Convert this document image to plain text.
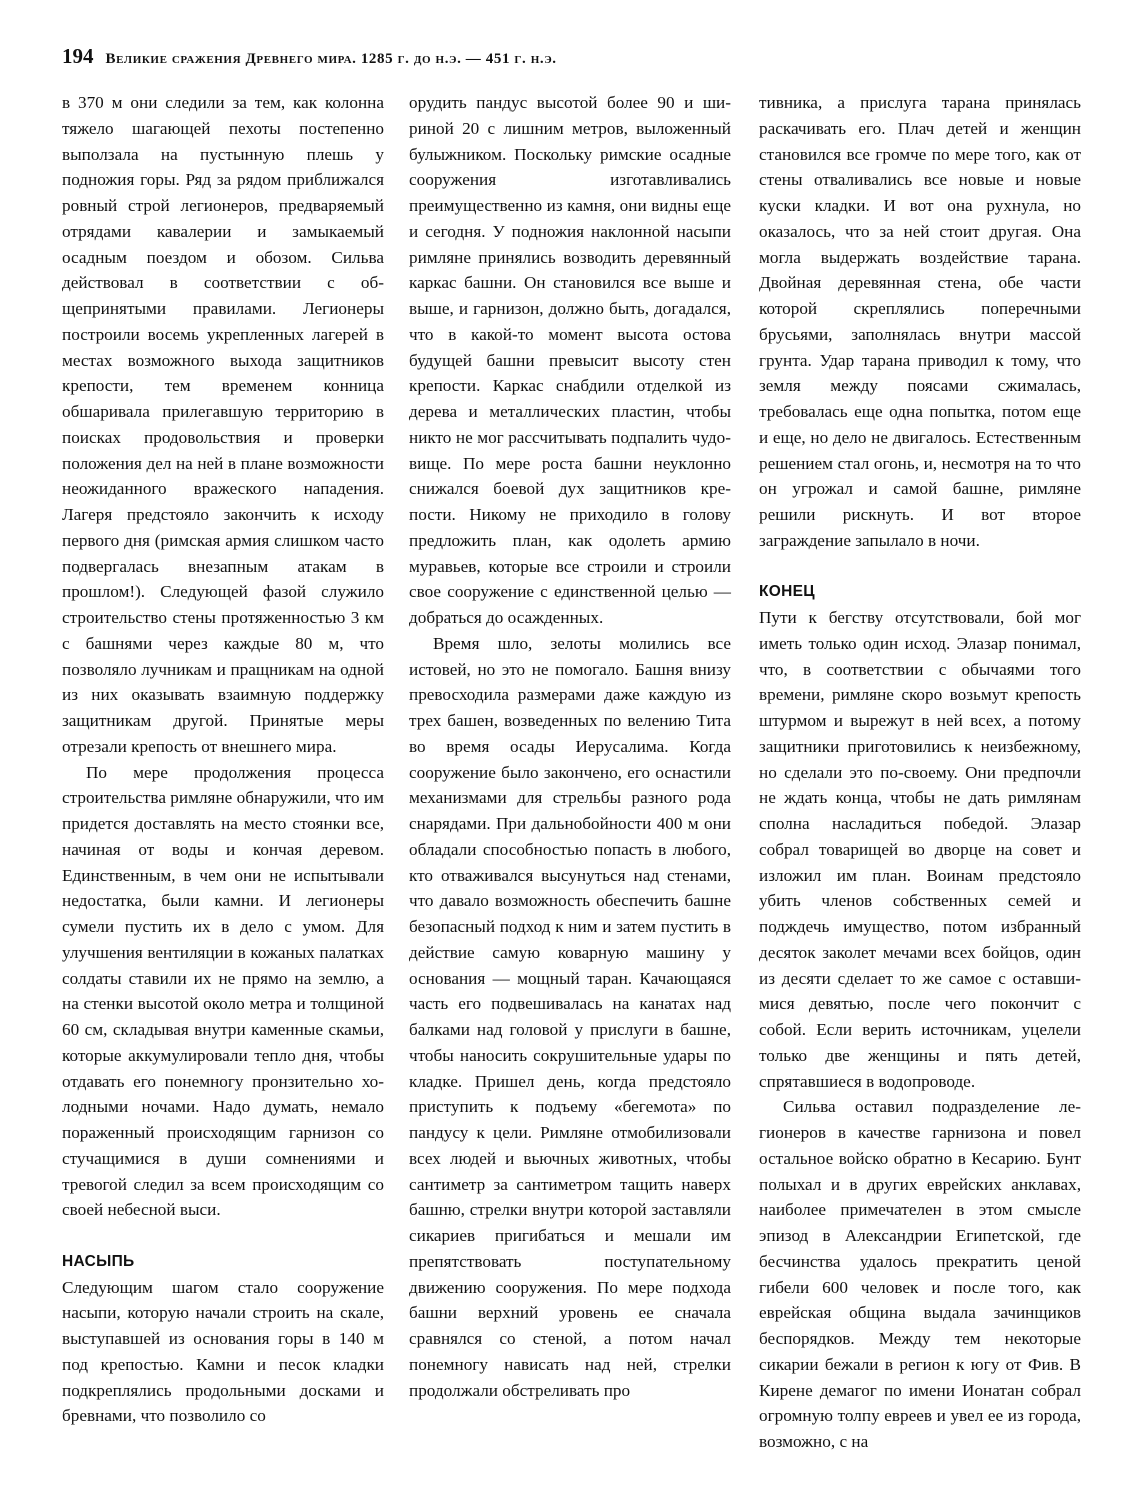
194 Великие сражения Древнего мира. 1285 г. до н.э. — 451 г. н.э.

в 370 м они следили за тем, как колонна тяжело шагающей пехоты постепенно выползала на пустынную плешь у подножия горы. Ряд за рядом приближался ровный строй легионеров, предваряемый отрядами кавалерии и замыкаемый осадным поездом и обозом. Сильва действовал в соответствии с общепринятыми правилами. Легионеры построили восемь укрепленных лагерей в местах возможного выхода защитников крепости, тем временем конница обшаривала прилегавшую территорию в поисках продовольствия и проверки положения дел на ней в плане возможности неожиданного вражеского нападения. Лагеря предстояло закончить к исходу первого дня (римская армия слишком часто подвергалась внезапным атакам в прошлом!). Следующей фазой служило строительство стены протяженностью 3 км с башнями через каждые 80 м, что позволяло лучникам и пращникам на одной из них оказывать взаимную поддержку защитникам другой. Принятые меры отрезали крепость от внешнего мира.

По мере продолжения процесса строительства римляне обнаружили, что им придется доставлять на место стоянки все, начиная от воды и кончая деревом. Единственным, в чем они не испытывали недостатка, были камни. И легионеры сумели пустить их в дело с умом. Для улучшения вентиляции в кожаных палатках солдаты ставили их не прямо на землю, а на стенки высотой около метра и толщиной 60 см, складывая внутри каменные скамьи, которые аккумулировали тепло дня, чтобы отдавать его понемногу пронзительно холодными ночами. Надо думать, немало пораженный происходящим гарнизон со стучащимися в души сомнениями и тревогой следил за всем происходящим со своей небесной выси.

НАСЫПЬ

Следующим шагом стало сооружение насыпи, которую начали строить на скале, выступавшей из основания горы в 140 м под крепостью. Камни и песок кладки подкреплялись продольными досками и бревнами, что позволило со

орудить пандус высотой более 90 и шириной 20 с лишним метров, выложенный булыжником. Поскольку римские осадные сооружения изготавливались преимущественно из камня, они видны еще и сегодня. У подножия наклонной насыпи римляне принялись возводить деревянный каркас башни. Он становился все выше и выше, и гарнизон, должно быть, догадался, что в какой-то момент высота остова будущей башни превысит высоту стен крепости. Каркас снабдили отделкой из дерева и металлических пластин, чтобы никто не мог рассчитывать подпалить чудовище. По мере роста башни неуклонно снижался боевой дух защитников крепости. Никому не приходило в голову предложить план, как одолеть армию муравьев, которые все строили и строили свое сооружение с единственной целью — добраться до осажденных.

Время шло, зелоты молились все истовей, но это не помогало. Башня внизу превосходила размерами даже каждую из трех башен, возведенных по велению Тита во время осады Иерусалима. Когда сооружение было закончено, его оснастили механизмами для стрельбы разного рода снарядами. При дальнобойности 400 м они обладали способностью попасть в любого, кто отваживался высунуться над стенами, что давало возможность обеспечить башне безопасный подход к ним и затем пустить в действие самую коварную машину у основания — мощный таран. Качающаяся часть его подвешивалась на канатах над балками над головой у прислуги в башне, чтобы наносить сокрушительные удары по кладке. Пришел день, когда предстояло приступить к подъему «бегемота» по пандусу к цели. Римляне отмобилизовали всех людей и вьючных животных, чтобы сантиметр за сантиметром тащить наверх башню, стрелки внутри которой заставляли сикариев пригибаться и мешали им препятствовать поступательному движению сооружения. По мере подхода башни верхний уровень ее сначала сравнялся со стеной, а потом начал понемногу нависать над ней, стрелки продолжали обстреливать про

тивника, а прислуга тарана принялась раскачивать его. Плач детей и женщин становился все громче по мере того, как от стены отваливались все новые и новые куски кладки. И вот она рухнула, но оказалось, что за ней стоит другая. Она могла выдержать воздействие тарана. Двойная деревянная стена, обе части которой скреплялись поперечными брусьями, заполнялась внутри массой грунта. Удар тарана приводил к тому, что земля между поясами сжималась, требовалась еще одна попытка, потом еще и еще, но дело не двигалось. Естественным решением стал огонь, и, несмотря на то что он угрожал и самой башне, римляне решили рискнуть. И вот второе заграждение запылало в ночи.

КОНЕЦ

Пути к бегству отсутствовали, бой мог иметь только один исход. Элазар понимал, что, в соответствии с обычаями того времени, римляне скоро возьмут крепость штурмом и вырежут в ней всех, а потому защитники приготовились к неизбежному, но сделали это по-своему. Они предпочли не ждать конца, чтобы не дать римлянам сполна насладиться победой. Элазар собрал товарищей во дворце на совет и изложил им план. Воинам предстояло убить членов собственных семей и подждечь имущество, потом избранный десяток заколет мечами всех бойцов, один из десяти сделает то же самое с оставшимися девятью, после чего покончит с собой. Если верить источникам, уцелели только две женщины и пять детей, спрятавшиеся в водопроводе.

Сильва оставил подразделение легионеров в качестве гарнизона и повел остальное войско обратно в Кесарию. Бунт полыхал и в других еврейских анклавах, наиболее примечателен в этом смысле эпизод в Александрии Египетской, где бесчинства удалось прекратить ценой гибели 600 человек и после того, как еврейская община выдала зачинщиков беспорядков. Между тем некоторые сикарии бежали в регион к югу от Фив. В Кирене демагог по имени Ионатан собрал огромную толпу евреев и увел ее из города, возможно, с на
